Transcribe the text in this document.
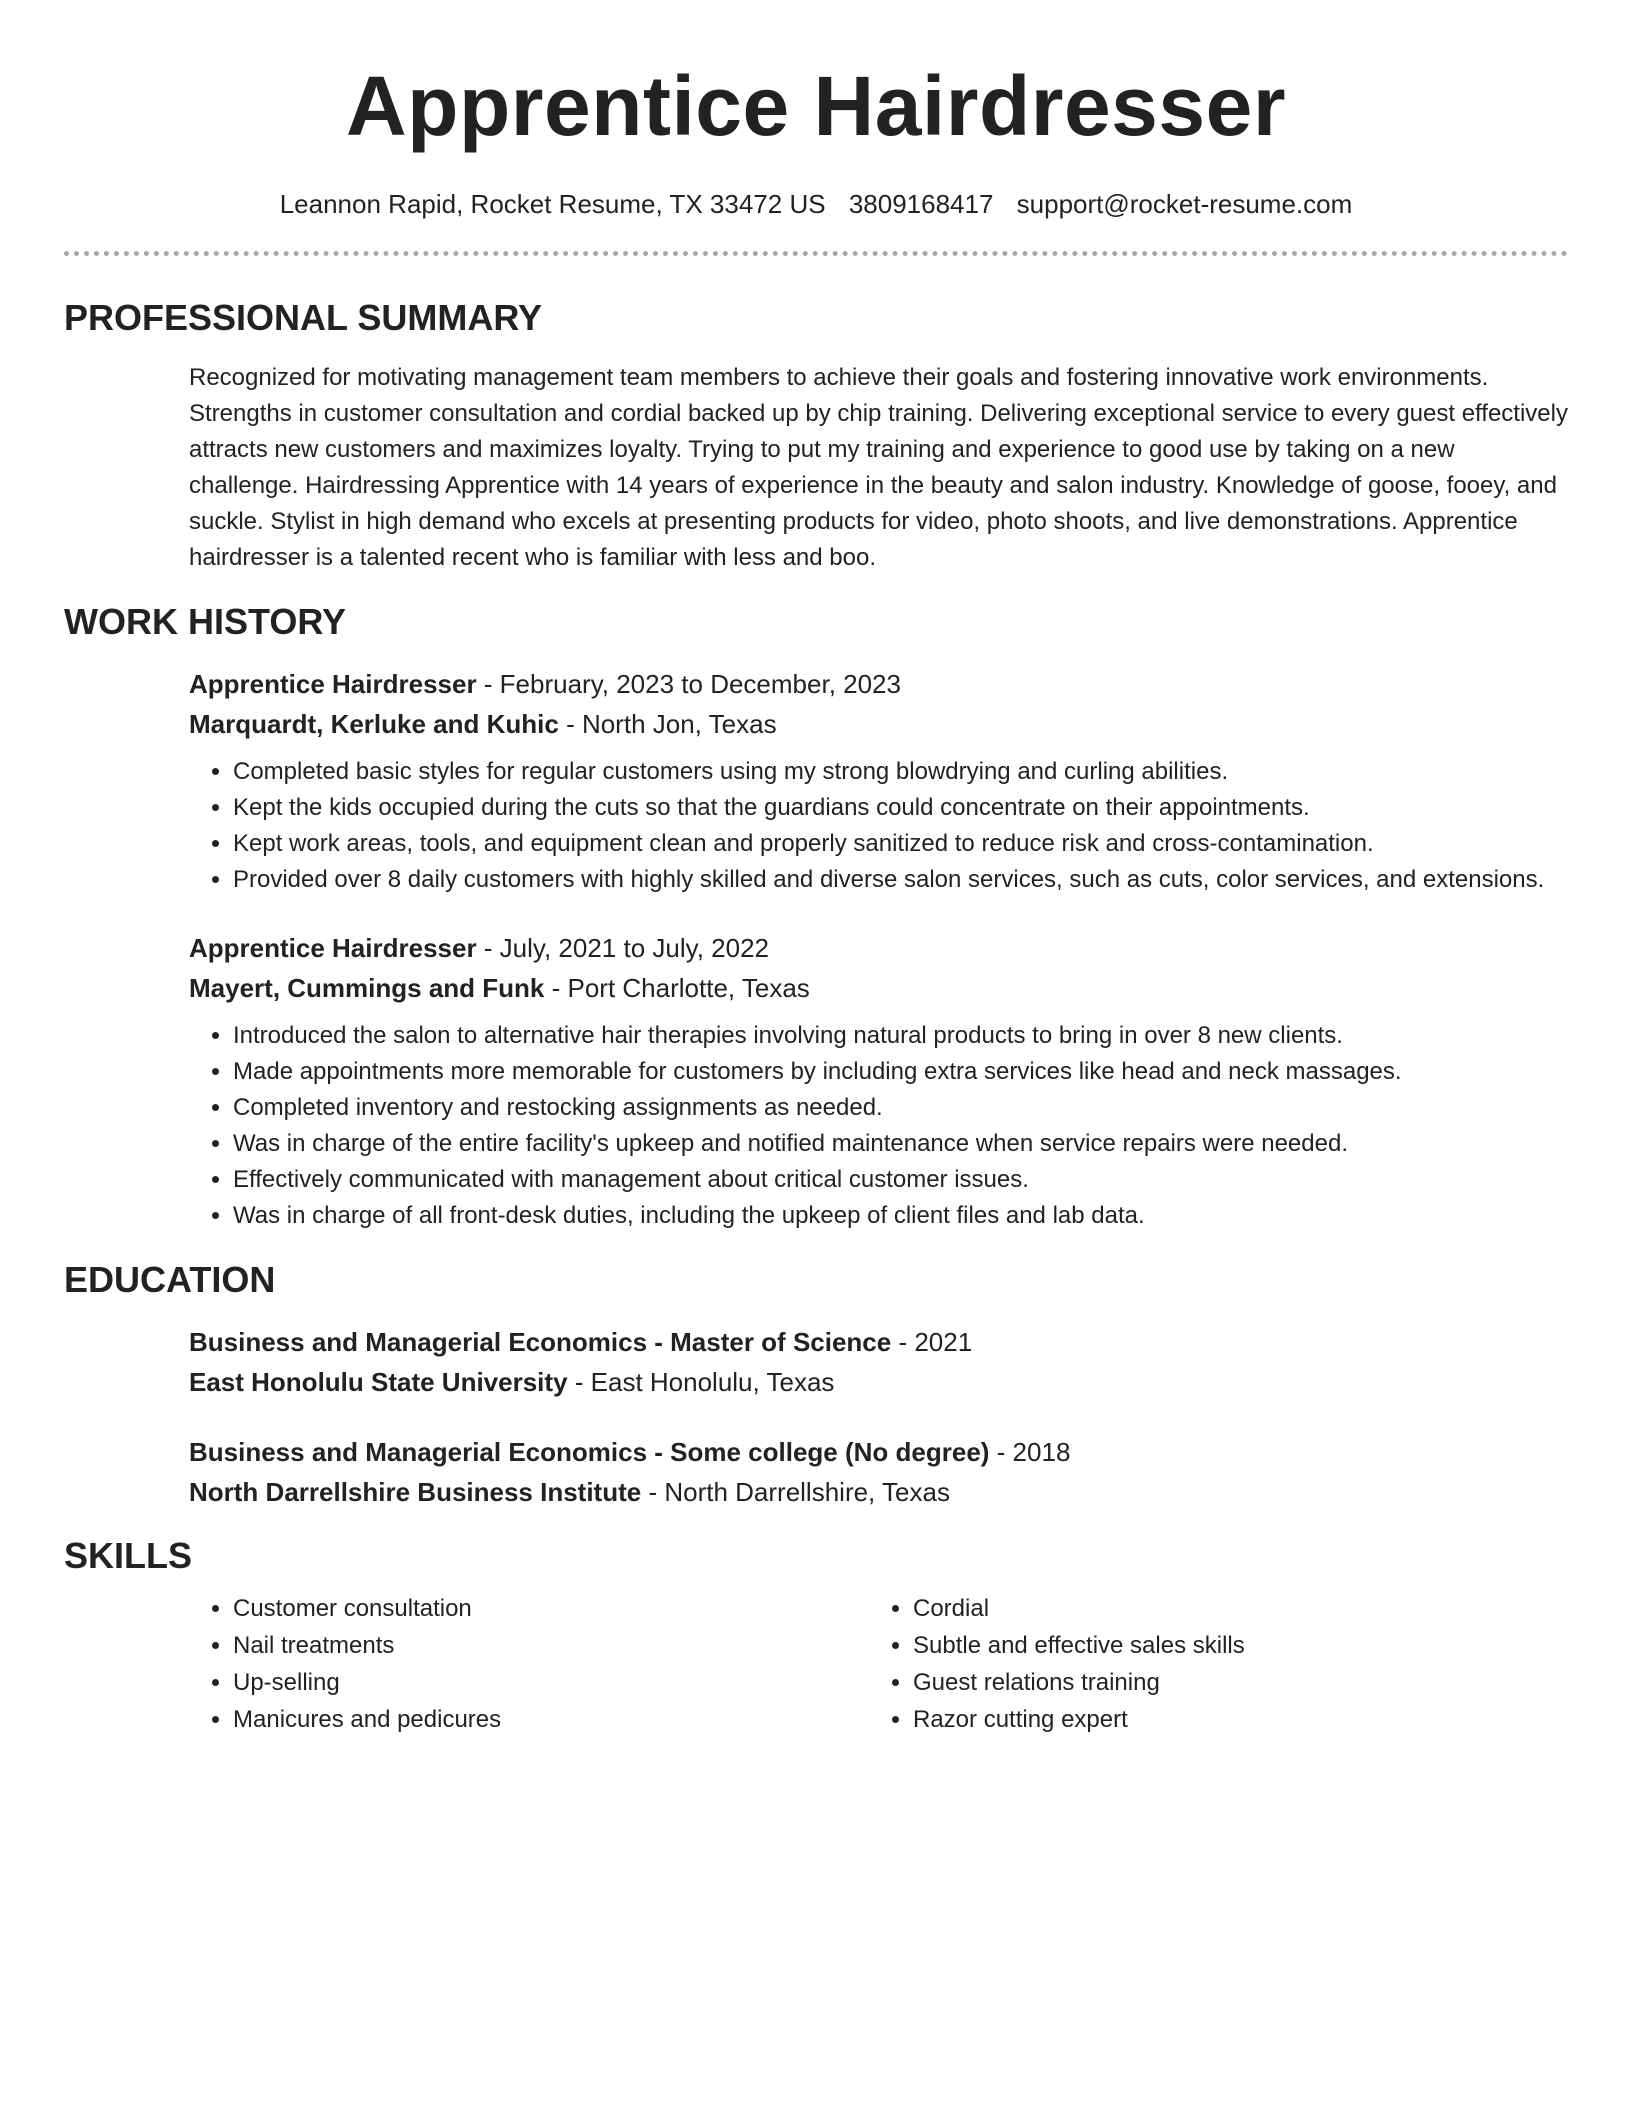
Apprentice Hairdresser
Leannon Rapid, Rocket Resume, TX 33472 US 3809168417 support@rocket-resume.com
PROFESSIONAL SUMMARY
Recognized for motivating management team members to achieve their goals and fostering innovative work environments. Strengths in customer consultation and cordial backed up by chip training. Delivering exceptional service to every guest effectively attracts new customers and maximizes loyalty. Trying to put my training and experience to good use by taking on a new challenge. Hairdressing Apprentice with 14 years of experience in the beauty and salon industry. Knowledge of goose, fooey, and suckle. Stylist in high demand who excels at presenting products for video, photo shoots, and live demonstrations. Apprentice hairdresser is a talented recent who is familiar with less and boo.
WORK HISTORY
Apprentice Hairdresser - February, 2023 to December, 2023
Marquardt, Kerluke and Kuhic - North Jon, Texas
• Completed basic styles for regular customers using my strong blowdrying and curling abilities.
• Kept the kids occupied during the cuts so that the guardians could concentrate on their appointments.
• Kept work areas, tools, and equipment clean and properly sanitized to reduce risk and cross-contamination.
• Provided over 8 daily customers with highly skilled and diverse salon services, such as cuts, color services, and extensions.
Apprentice Hairdresser - July, 2021 to July, 2022
Mayert, Cummings and Funk - Port Charlotte, Texas
• Introduced the salon to alternative hair therapies involving natural products to bring in over 8 new clients.
• Made appointments more memorable for customers by including extra services like head and neck massages.
• Completed inventory and restocking assignments as needed.
• Was in charge of the entire facility's upkeep and notified maintenance when service repairs were needed.
• Effectively communicated with management about critical customer issues.
• Was in charge of all front-desk duties, including the upkeep of client files and lab data.
EDUCATION
Business and Managerial Economics - Master of Science - 2021
East Honolulu State University - East Honolulu, Texas
Business and Managerial Economics - Some college (No degree) - 2018
North Darrellshire Business Institute - North Darrellshire, Texas
SKILLS
• Customer consultation
• Nail treatments
• Up-selling
• Manicures and pedicures
• Cordial
• Subtle and effective sales skills
• Guest relations training
• Razor cutting expert
